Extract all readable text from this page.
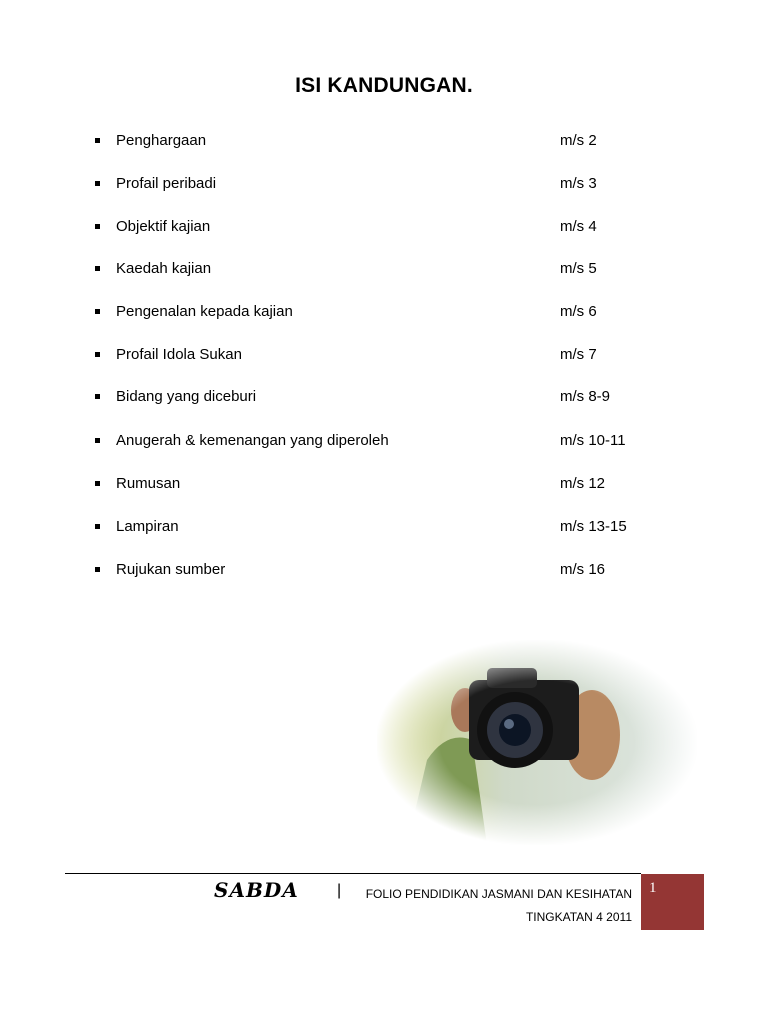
ISI KANDUNGAN.
Penghargaan	m/s 2
Profail peribadi	m/s 3
Objektif kajian	m/s 4
Kaedah kajian	m/s 5
Pengenalan kepada kajian	m/s 6
Profail Idola Sukan	m/s 7
Bidang yang diceburi	m/s 8-9
Anugerah & kemenangan yang diperoleh	m/s 10-11
Rumusan	m/s 12
Lampiran	m/s 13-15
Rujukan sumber	m/s 16
SABDA | FOLIO PENDIDIKAN JASMANI DAN KESIHATAN
TINGKATAN 4 2011
1
